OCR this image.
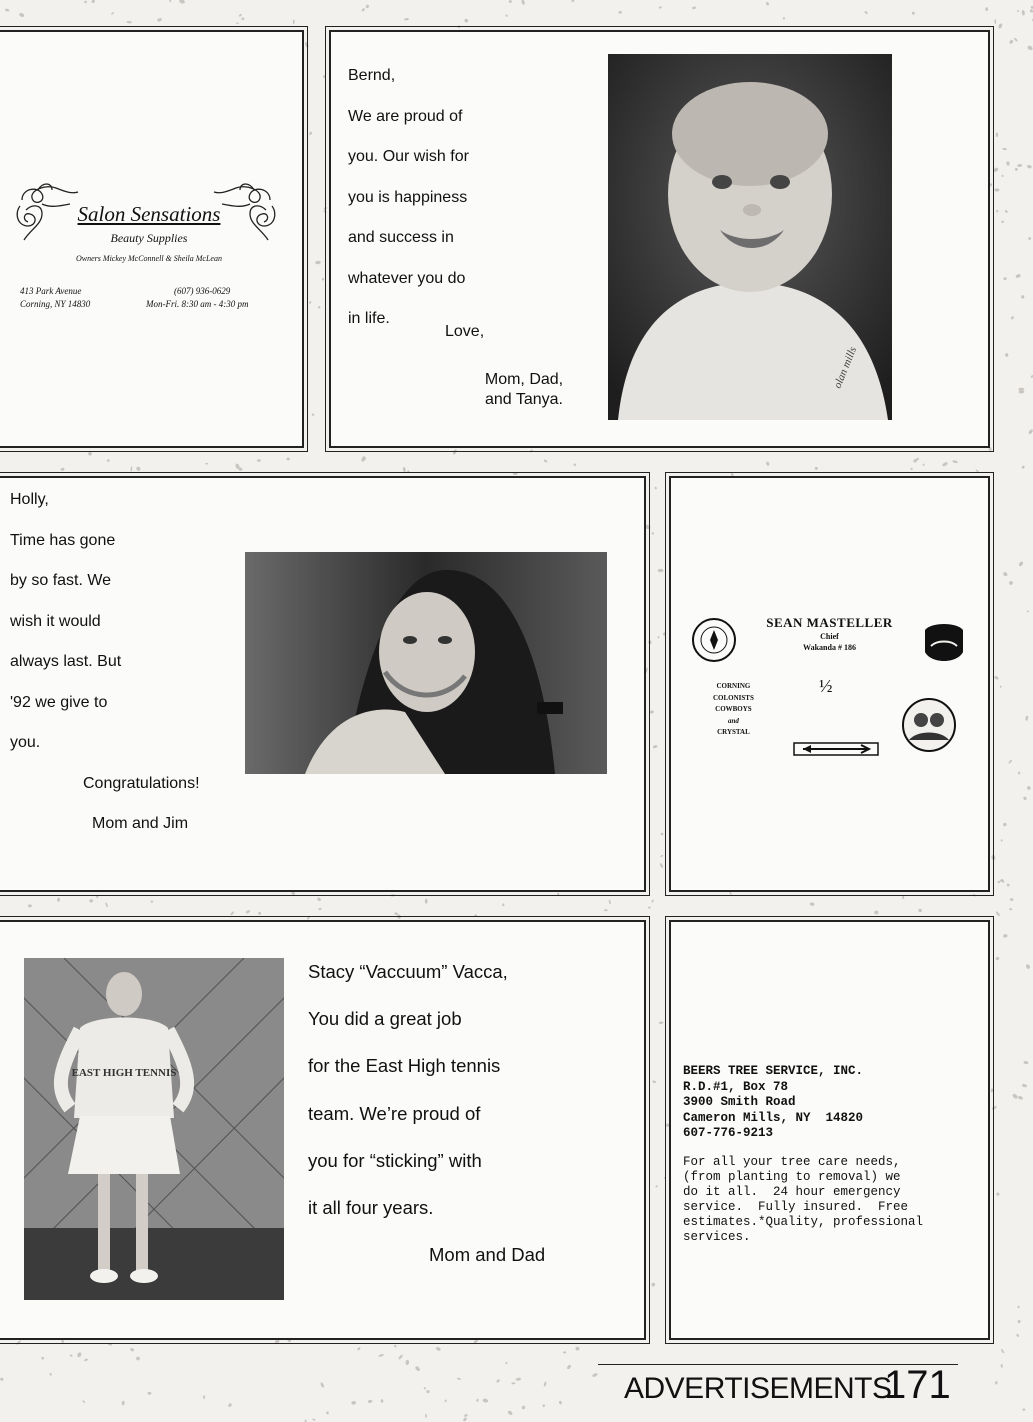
Salon Sensations
Beauty Supplies
Owners Mickey McConnell & Sheila McLean
413 Park Avenue
Corning, NY 14830
(607) 936-0629
Mon-Fri. 8:30 am - 4:30 pm
Bernd,
We are proud of
you. Our wish for
you is happiness
and success in
whatever you do
in life.
Love,
Mom, Dad,
and Tanya.
olan mills
Holly,
Time has gone
by so fast. We
wish it would
always last. But
'92 we give to
you.
Congratulations!
Mom and Jim
SEAN MASTELLER
Chief
Wakanda # 186
½
CORNING
COLONISTS
COWBOYS
and
CRYSTAL
EAST HIGH TENNIS
Stacy “Vaccuum” Vacca,
You did a great job
for the East High tennis
team. We’re proud of
you for “sticking” with
it all four years.
Mom and Dad
BEERS TREE SERVICE, INC.
R.D.#1, Box 78
3900 Smith Road
Cameron Mills, NY  14820
607-776-9213
For all your tree care needs,
(from planting to removal) we
do it all.  24 hour emergency
service.  Fully insured.  Free
estimates.*Quality, professional
services.
ADVERTISEMENTS
171
